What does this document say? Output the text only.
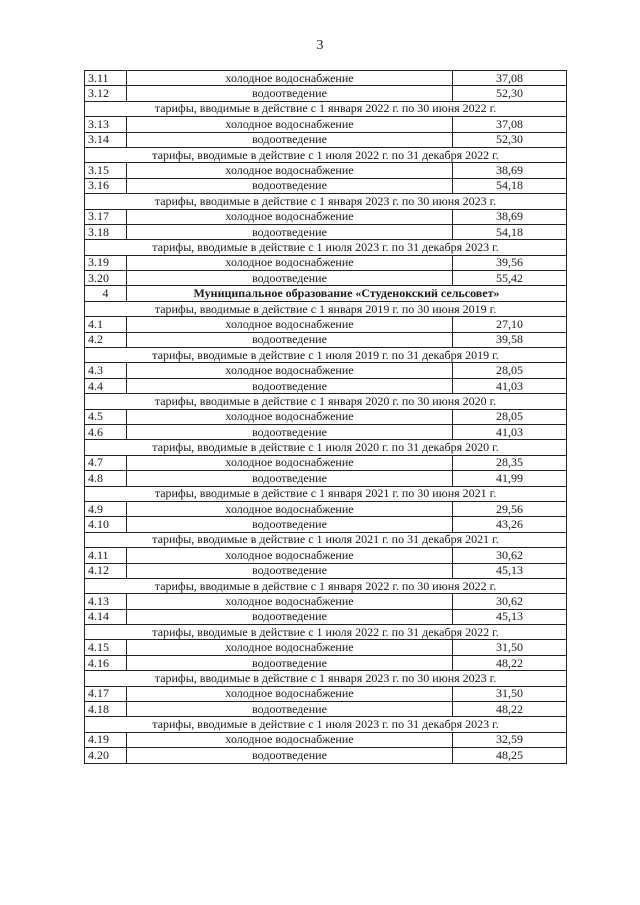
3
3.11	холодное водоснабжение	37,08
3.12	водоотведение	52,30
тарифы, вводимые в действие с 1 января 2022 г. по 30 июня 2022 г.		
3.13	холодное водоснабжение	37,08
3.14	водоотведение	52,30
тарифы, вводимые в действие с 1 июля 2022 г. по 31 декабря 2022 г.		
3.15	холодное водоснабжение	38,69
3.16	водоотведение	54,18
тарифы, вводимые в действие с 1 января 2023 г. по 30 июня 2023 г.		
3.17	холодное водоснабжение	38,69
3.18	водоотведение	54,18
тарифы, вводимые в действие с 1 июля 2023 г. по 31 декабря 2023 г.		
3.19	холодное водоснабжение	39,56
3.20	водоотведение	55,42
4	Муниципальное образование «Студенокский сельсовет»	
тарифы, вводимые в действие с 1 января 2019 г. по 30 июня 2019 г.		
4.1	холодное водоснабжение	27,10
4.2	водоотведение	39,58
тарифы, вводимые в действие с 1 июля 2019 г. по 31 декабря 2019 г.		
4.3	холодное водоснабжение	28,05
4.4	водоотведение	41,03
тарифы, вводимые в действие с 1 января 2020 г. по 30 июня 2020 г.		
4.5	холодное водоснабжение	28,05
4.6	водоотведение	41,03
тарифы, вводимые в действие с 1 июля 2020 г. по 31 декабря 2020 г.		
4.7	холодное водоснабжение	28,35
4.8	водоотведение	41,99
тарифы, вводимые в действие с 1 января 2021 г. по 30 июня 2021 г.		
4.9	холодное водоснабжение	29,56
4.10	водоотведение	43,26
тарифы, вводимые в действие с 1 июля 2021 г. по 31 декабря 2021 г.		
4.11	холодное водоснабжение	30,62
4.12	водоотведение	45,13
тарифы, вводимые в действие с 1 января 2022 г. по 30 июня 2022 г.		
4.13	холодное водоснабжение	30,62
4.14	водоотведение	45,13
тарифы, вводимые в действие с 1 июля 2022 г. по 31 декабря 2022 г.		
4.15	холодное водоснабжение	31,50
4.16	водоотведение	48,22
тарифы, вводимые в действие с 1 января 2023 г. по 30 июня 2023 г.		
4.17	холодное водоснабжение	31,50
4.18	водоотведение	48,22
тарифы, вводимые в действие с 1 июля 2023 г. по 31 декабря 2023 г.		
4.19	холодное водоснабжение	32,59
4.20	водоотведение	48,25
